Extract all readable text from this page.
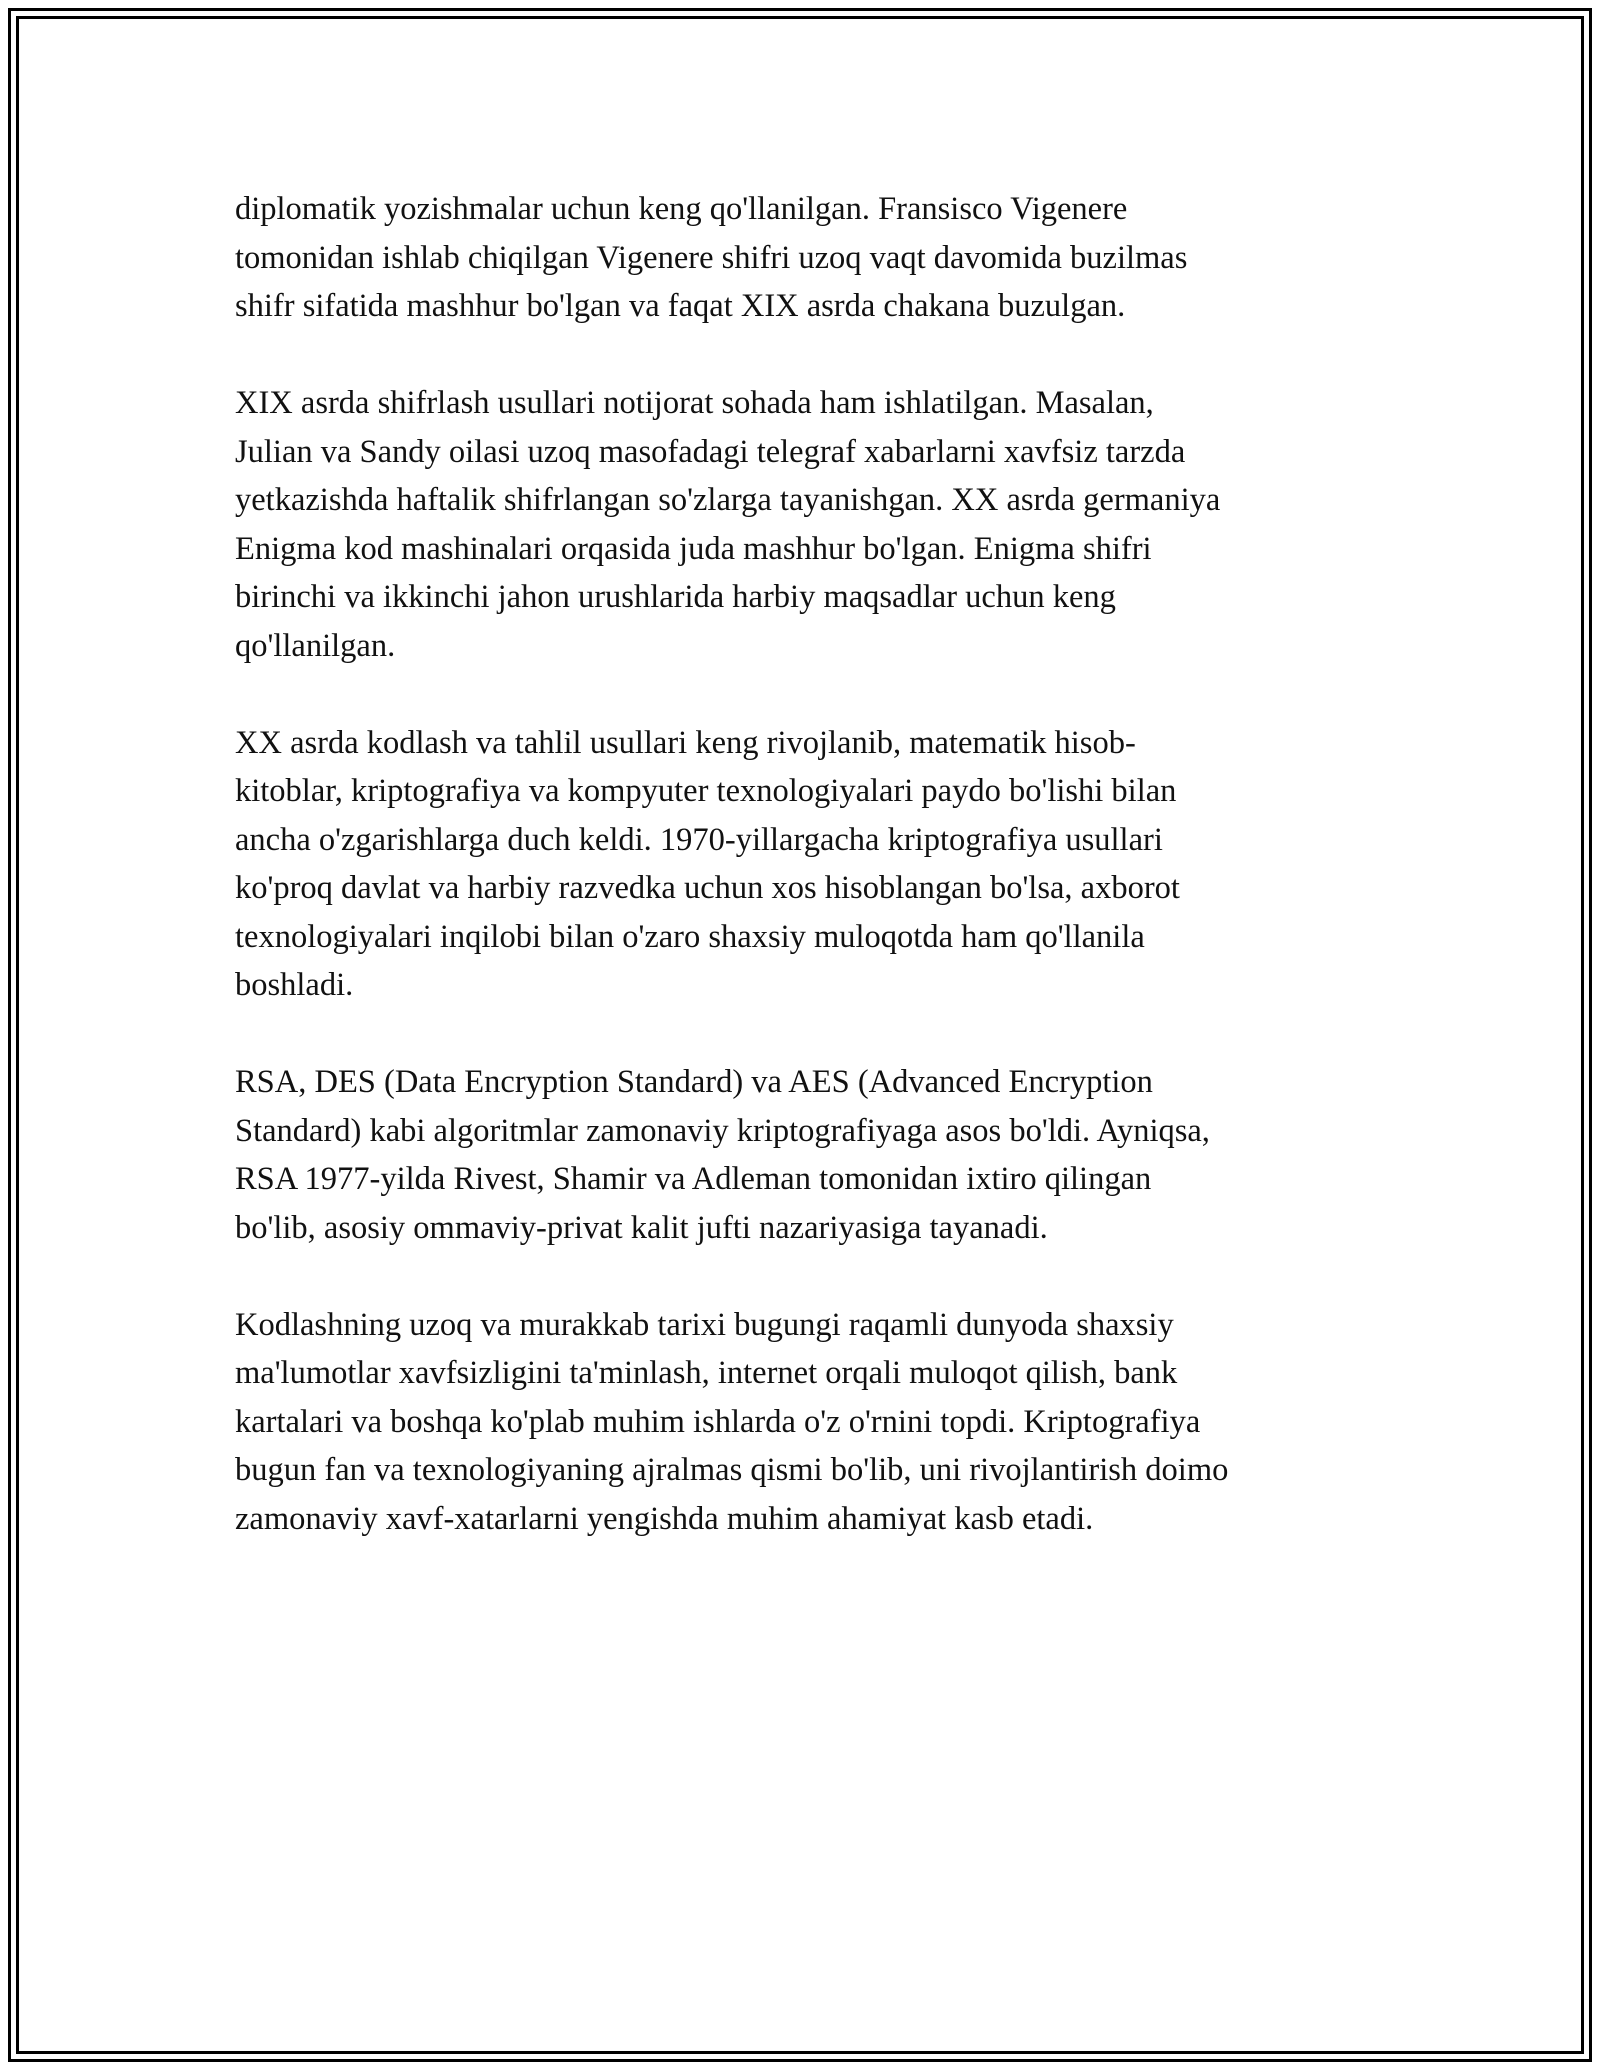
diplomatik yozishmalar uchun keng qo'llanilgan. Fransisco Vigenere
tomonidan ishlab chiqilgan Vigenere shifri uzoq vaqt davomida buzilmas
shifr sifatida mashhur bo'lgan va faqat XIX asrda chakana buzulgan.

XIX asrda shifrlash usullari notijorat sohada ham ishlatilgan. Masalan,
Julian va Sandy oilasi uzoq masofadagi telegraf xabarlarni xavfsiz tarzda
yetkazishda haftalik shifrlangan so'zlarga tayanishgan. XX asrda germaniya
Enigma kod mashinalari orqasida juda mashhur bo'lgan. Enigma shifri
birinchi va ikkinchi jahon urushlarida harbiy maqsadlar uchun keng
qo'llanilgan.

XX asrda kodlash va tahlil usullari keng rivojlanib, matematik hisob-
kitoblar, kriptografiya va kompyuter texnologiyalari paydo bo'lishi bilan
ancha o'zgarishlarga duch keldi. 1970-yillargacha kriptografiya usullari
ko'proq davlat va harbiy razvedka uchun xos hisoblangan bo'lsa, axborot
texnologiyalari inqilobi bilan o'zaro shaxsiy muloqotda ham qo'llanila
boshladi.

RSA, DES (Data Encryption Standard) va AES (Advanced Encryption
Standard) kabi algoritmlar zamonaviy kriptografiyaga asos bo'ldi. Ayniqsa,
RSA 1977-yilda Rivest, Shamir va Adleman tomonidan ixtiro qilingan
bo'lib, asosiy ommaviy-privat kalit jufti nazariyasiga tayanadi.

Kodlashning uzoq va murakkab tarixi bugungi raqamli dunyoda shaxsiy
ma'lumotlar xavfsizligini ta'minlash, internet orqali muloqot qilish, bank
kartalari va boshqa ko'plab muhim ishlarda o'z o'rnini topdi. Kriptografiya
bugun fan va texnologiyaning ajralmas qismi bo'lib, uni rivojlantirish doimo
zamonaviy xavf-xatarlarni yengishda muhim ahamiyat kasb etadi.
